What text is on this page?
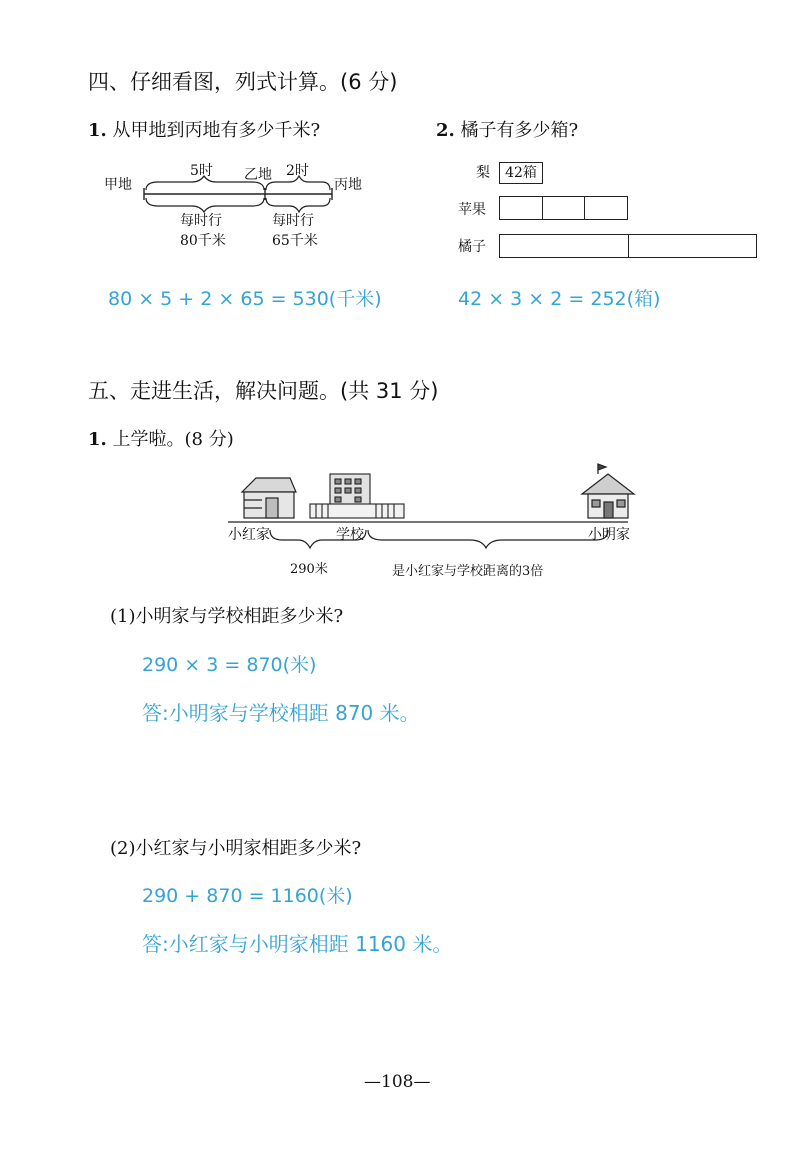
四、仔细看图，列式计算。(6 分)
1. 从甲地到丙地有多少千米?	2. 橘子有多少箱?
甲地
5时 乙地 2时
丙地
每时行
80千米
每时行
65千米
梨	42箱
苹果
橘子
80 × 5 + 2 × 65 = 530(千米)	42 × 3 × 2 = 252(箱)
五、走进生活，解决问题。(共 31 分)
1. 上学啦。(8 分)
小红家	学校	小明家
290米	是小红家与学校距离的3倍
(1)小明家与学校相距多少米?
290 × 3 = 870(米)
答:小明家与学校相距 870 米。
(2)小红家与小明家相距多少米?
290 + 870 = 1160(米)
答:小红家与小明家相距 1160 米。
—108—
